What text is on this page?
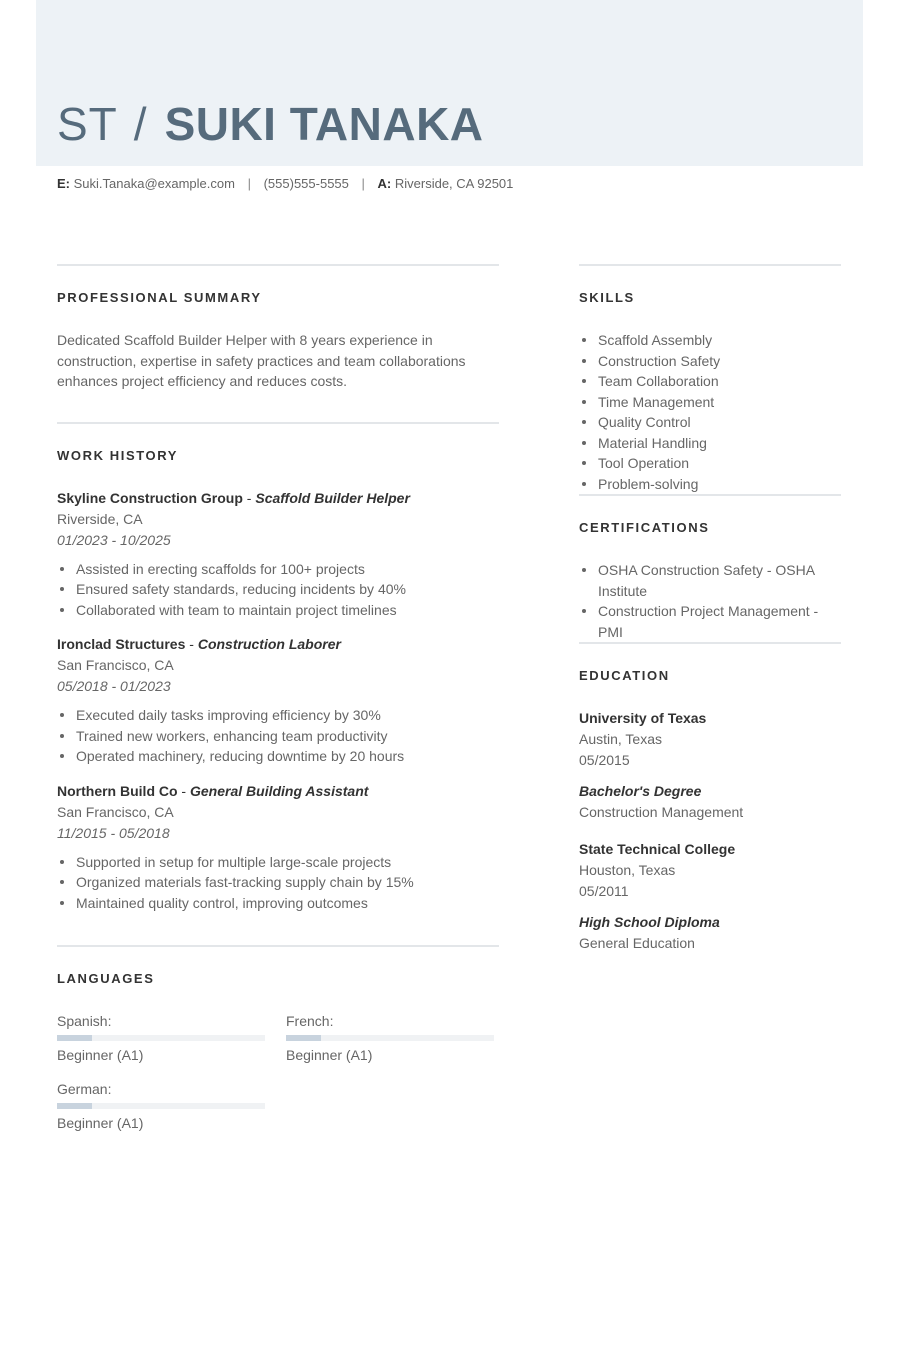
ST / SUKI TANAKA
E: Suki.Tanaka@example.com | (555)555-5555 | A: Riverside, CA 92501
PROFESSIONAL SUMMARY

Dedicated Scaffold Builder Helper with 8 years experience in construction, expertise in safety practices and team collaborations enhances project efficiency and reduces costs.

WORK HISTORY
Skyline Construction Group - Scaffold Builder Helper
Riverside, CA
01/2023 - 10/2025
Assisted in erecting scaffolds for 100+ projects
Ensured safety standards, reducing incidents by 40%
Collaborated with team to maintain project timelines
Ironclad Structures - Construction Laborer
San Francisco, CA
05/2018 - 01/2023
Executed daily tasks improving efficiency by 30%
Trained new workers, enhancing team productivity
Operated machinery, reducing downtime by 20 hours
Northern Build Co - General Building Assistant
San Francisco, CA
11/2015 - 05/2018
Supported in setup for multiple large-scale projects
Organized materials fast-tracking supply chain by 15%
Maintained quality control, improving outcomes
LANGUAGES
Spanish:
Beginner (A1)
French:
Beginner (A1)
German:
Beginner (A1)
SKILLS
Scaffold Assembly
Construction Safety
Team Collaboration
Time Management
Quality Control
Material Handling
Tool Operation
Problem-solving
CERTIFICATIONS
OSHA Construction Safety - OSHA Institute
Construction Project Management - PMI
EDUCATION
University of Texas
Austin, Texas
05/2015
Bachelor's Degree
Construction Management
State Technical College
Houston, Texas
05/2011
High School Diploma
General Education
